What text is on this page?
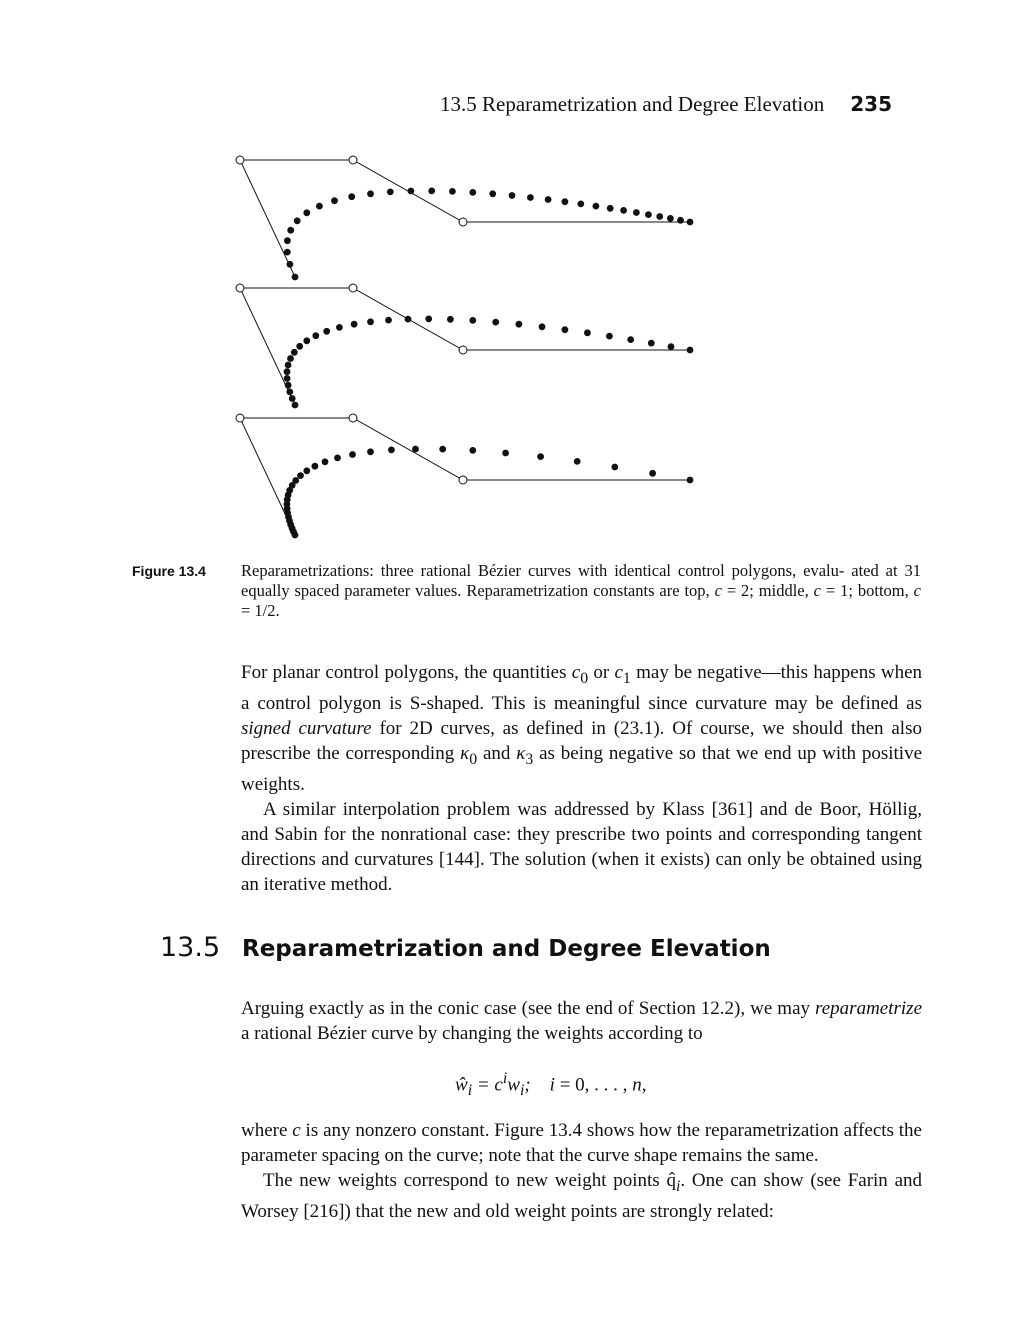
13.5 Reparametrization and Degree Elevation 235
Figure 13.4 Reparametrizations: three rational Bézier curves with identical control polygons, evalu- ated at 31 equally spaced parameter values. Reparametrization constants are top, c = 2; middle, c = 1; bottom, c = 1/2.

For planar control polygons, the quantities $c_0$ or $c_1$ may be negative—this happens when a control polygon is S-shaped. This is meaningful since curvature may be defined as signed curvature for 2D curves, as defined in (23.1). Of course, we should then also prescribe the corresponding $\kappa_0$ and $\kappa_3$ as being negative so that we end up with positive weights.

A similar interpolation problem was addressed by Klass [361] and de Boor, Höllig, and Sabin for the nonrational case: they prescribe two points and corresponding tangent directions and curvatures [144]. The solution (when it exists) can only be obtained using an iterative method.

13.5 Reparametrization and Degree Elevation

Arguing exactly as in the conic case (see the end of Section 12.2), we may reparametrize a rational Bézier curve by changing the weights according to

$ŵ_i = c^iw_i$;    i = 0, . . . , n,

where c is any nonzero constant. Figure 13.4 shows how the reparametrization affects the parameter spacing on the curve; note that the curve shape remains the same.

The new weights correspond to new weight points $q̂_i$. One can show (see Farin and Worsey [216]) that the new and old weight points are strongly related:
